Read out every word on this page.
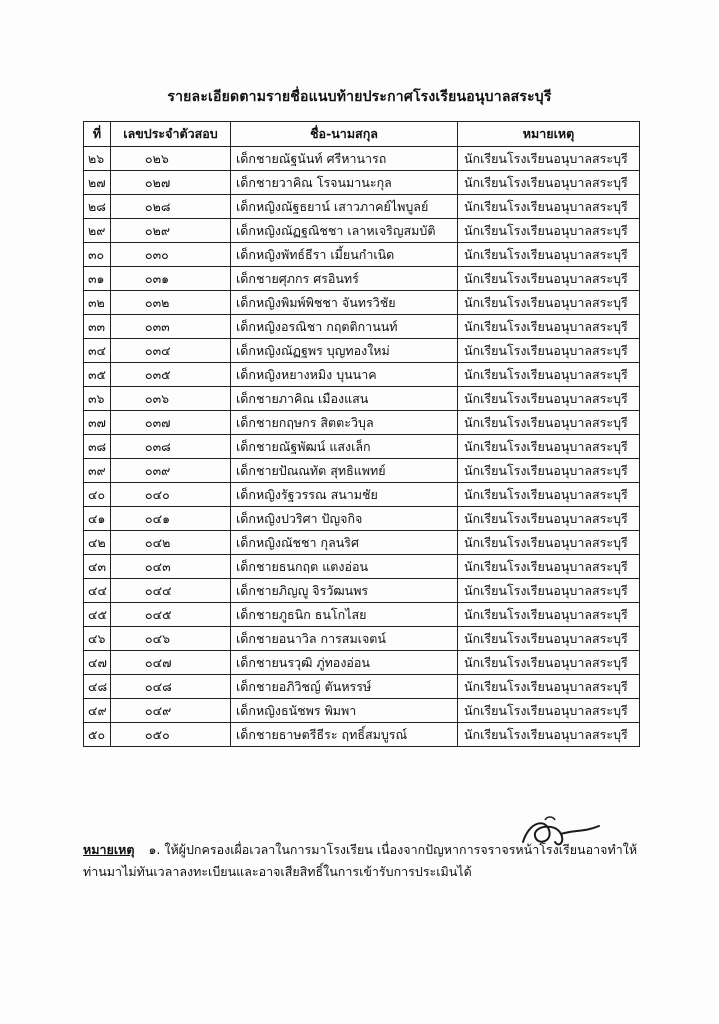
รายละเอียดตามรายชื่อแนบท้ายประกาศโรงเรียนอนุบาลสระบุรี
ที่	เลขประจำตัวสอบ	ชื่อ-นามสกุล	หมายเหตุ
๒๖	๐๒๖	เด็กชายณัฐนันท์ ศรีหานารถ	นักเรียนโรงเรียนอนุบาลสระบุรี
๒๗	๐๒๗	เด็กชายวาคิณ โรจนมานะกุล	นักเรียนโรงเรียนอนุบาลสระบุรี
๒๘	๐๒๘	เด็กหญิงณัฐธยาน์ เสาวภาคย์ไพบูลย์	นักเรียนโรงเรียนอนุบาลสระบุรี
๒๙	๐๒๙	เด็กหญิงณัฏฐณิชชา เลาหเจริญสมบัติ	นักเรียนโรงเรียนอนุบาลสระบุรี
๓๐	๐๓๐	เด็กหญิงพัทธ์ธีรา เมี้ยนกำเนิด	นักเรียนโรงเรียนอนุบาลสระบุรี
๓๑	๐๓๑	เด็กชายศุภกร ศรอินทร์	นักเรียนโรงเรียนอนุบาลสระบุรี
๓๒	๐๓๒	เด็กหญิงพิมพ์พิชชา จันทรวิชัย	นักเรียนโรงเรียนอนุบาลสระบุรี
๓๓	๐๓๓	เด็กหญิงอรณิชา กฤตติกานนท์	นักเรียนโรงเรียนอนุบาลสระบุรี
๓๔	๐๓๔	เด็กหญิงณัฏฐพร บุญทองใหม่	นักเรียนโรงเรียนอนุบาลสระบุรี
๓๕	๐๓๕	เด็กหญิงหยางหมิง บุนนาค	นักเรียนโรงเรียนอนุบาลสระบุรี
๓๖	๐๓๖	เด็กชายภาคิณ เมืองแสน	นักเรียนโรงเรียนอนุบาลสระบุรี
๓๗	๐๓๗	เด็กชายกฤษกร สิตตะวิบุล	นักเรียนโรงเรียนอนุบาลสระบุรี
๓๘	๐๓๘	เด็กชายณัฐพัฒน์ แสงเล็ก	นักเรียนโรงเรียนอนุบาลสระบุรี
๓๙	๐๓๙	เด็กชายปัณณทัต สุทธิแพทย์	นักเรียนโรงเรียนอนุบาลสระบุรี
๔๐	๐๔๐	เด็กหญิงรัฐวรรณ สนามชัย	นักเรียนโรงเรียนอนุบาลสระบุรี
๔๑	๐๔๑	เด็กหญิงปวริศา ปัญจกิจ	นักเรียนโรงเรียนอนุบาลสระบุรี
๔๒	๐๔๒	เด็กหญิงณัชชา กุลนริศ	นักเรียนโรงเรียนอนุบาลสระบุรี
๔๓	๐๔๓	เด็กชายธนกฤต แตงอ่อน	นักเรียนโรงเรียนอนุบาลสระบุรี
๔๔	๐๔๔	เด็กชายภิญญู จิรวัฒนพร	นักเรียนโรงเรียนอนุบาลสระบุรี
๔๕	๐๔๕	เด็กชายภูธนิก ธนโกไสย	นักเรียนโรงเรียนอนุบาลสระบุรี
๔๖	๐๔๖	เด็กชายอนาวิล การสมเจตน์	นักเรียนโรงเรียนอนุบาลสระบุรี
๔๗	๐๔๗	เด็กชายนรวุฒิ ภู่ทองอ่อน	นักเรียนโรงเรียนอนุบาลสระบุรี
๔๘	๐๔๘	เด็กชายอภิวิชญ์ ตันหรรษ์	นักเรียนโรงเรียนอนุบาลสระบุรี
๔๙	๐๔๙	เด็กหญิงธนัชพร พิมพา	นักเรียนโรงเรียนอนุบาลสระบุรี
๕๐	๐๕๐	เด็กชายธาษตรีธีระ ฤทธิ์สมบูรณ์	นักเรียนโรงเรียนอนุบาลสระบุรี
หมายเหตุ ๑. ให้ผู้ปกครองเผื่อเวลาในการมาโรงเรียน เนื่องจากปัญหาการจราจรหน้าโรงเรียนอาจทำให้
ท่านมาไม่ทันเวลาลงทะเบียนและอาจเสียสิทธิ์ในการเข้ารับการประเมินได้
